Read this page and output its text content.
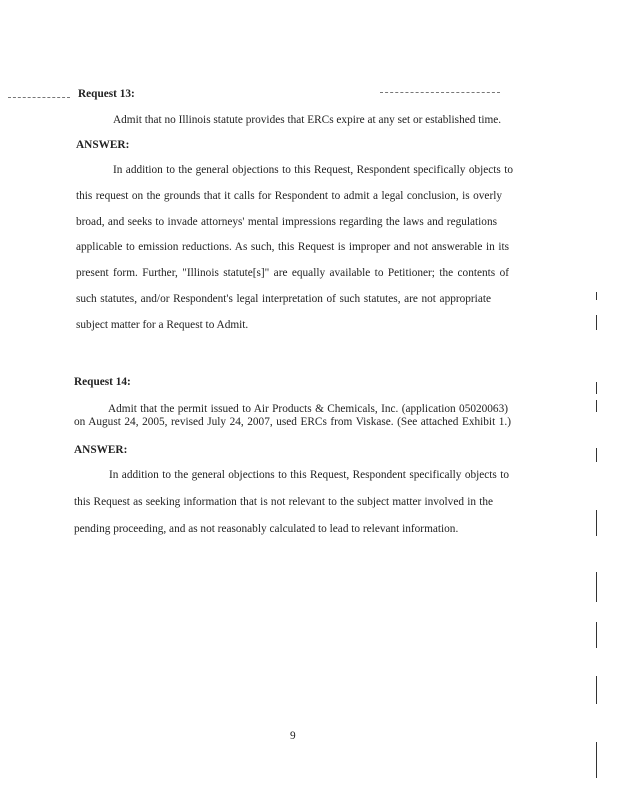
Request 13:
Admit that no Illinois statute provides that ERCs expire at any set or established time.
ANSWER:
In addition to the general objections to this Request, Respondent specifically objects to
this request on the grounds that it calls for Respondent to admit a legal conclusion, is overly
broad, and seeks to invade attorneys' mental impressions regarding the laws and regulations
applicable to emission reductions. As such, this Request is improper and not answerable in its
present form. Further, "Illinois statute[s]" are equally available to Petitioner; the contents of
such statutes, and/or Respondent's legal interpretation of such statutes, are not appropriate
subject matter for a Request to Admit.
Request 14:
Admit that the permit issued to Air Products & Chemicals, Inc. (application 05020063)
on August 24, 2005, revised July 24, 2007, used ERCs from Viskase. (See attached Exhibit 1.)
ANSWER:
In addition to the general objections to this Request, Respondent specifically objects to
this Request as seeking information that is not relevant to the subject matter involved in the
pending proceeding, and as not reasonably calculated to lead to relevant information.
9
